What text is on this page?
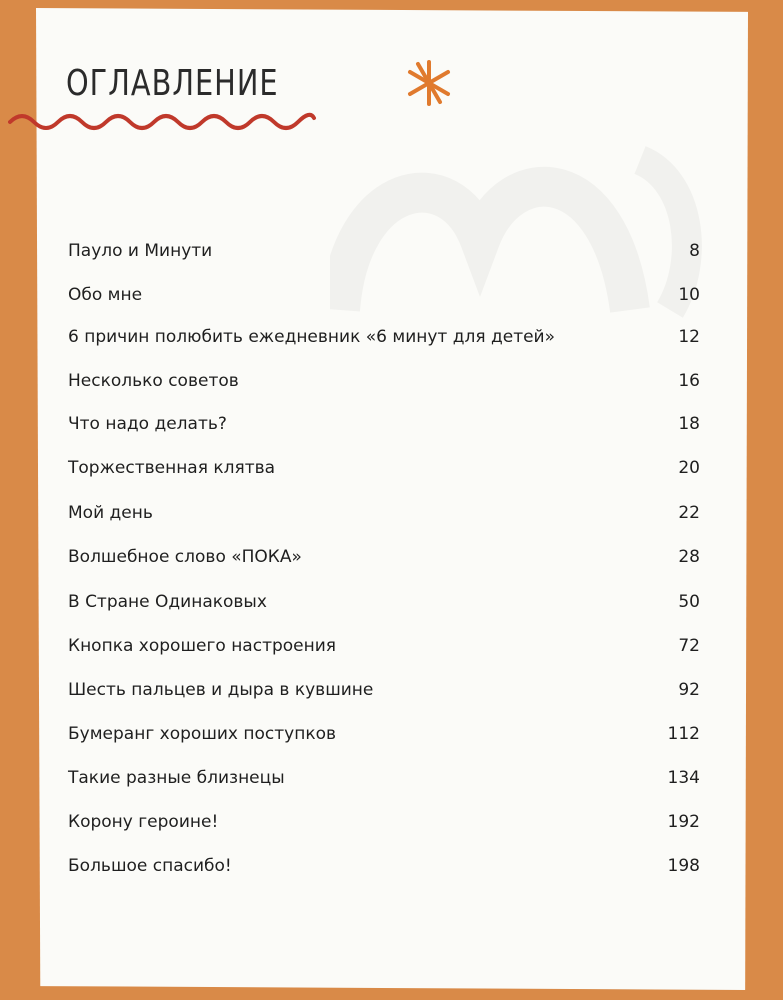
ОГЛАВЛЕНИЕ
Пауло и Минути	8
Обо мне	10
6 причин полюбить ежедневник «6 минут для детей»	12
Несколько советов	16
Что надо делать?	18
Торжественная клятва	20
Мой день	22
Волшебное слово «ПОКА»	28
В Стране Одинаковых	50
Кнопка хорошего настроения	72
Шесть пальцев и дыра в кувшине	92
Бумеранг хороших поступков	112
Такие разные близнецы	134
Корону героине!	192
Большое спасибо!	198
